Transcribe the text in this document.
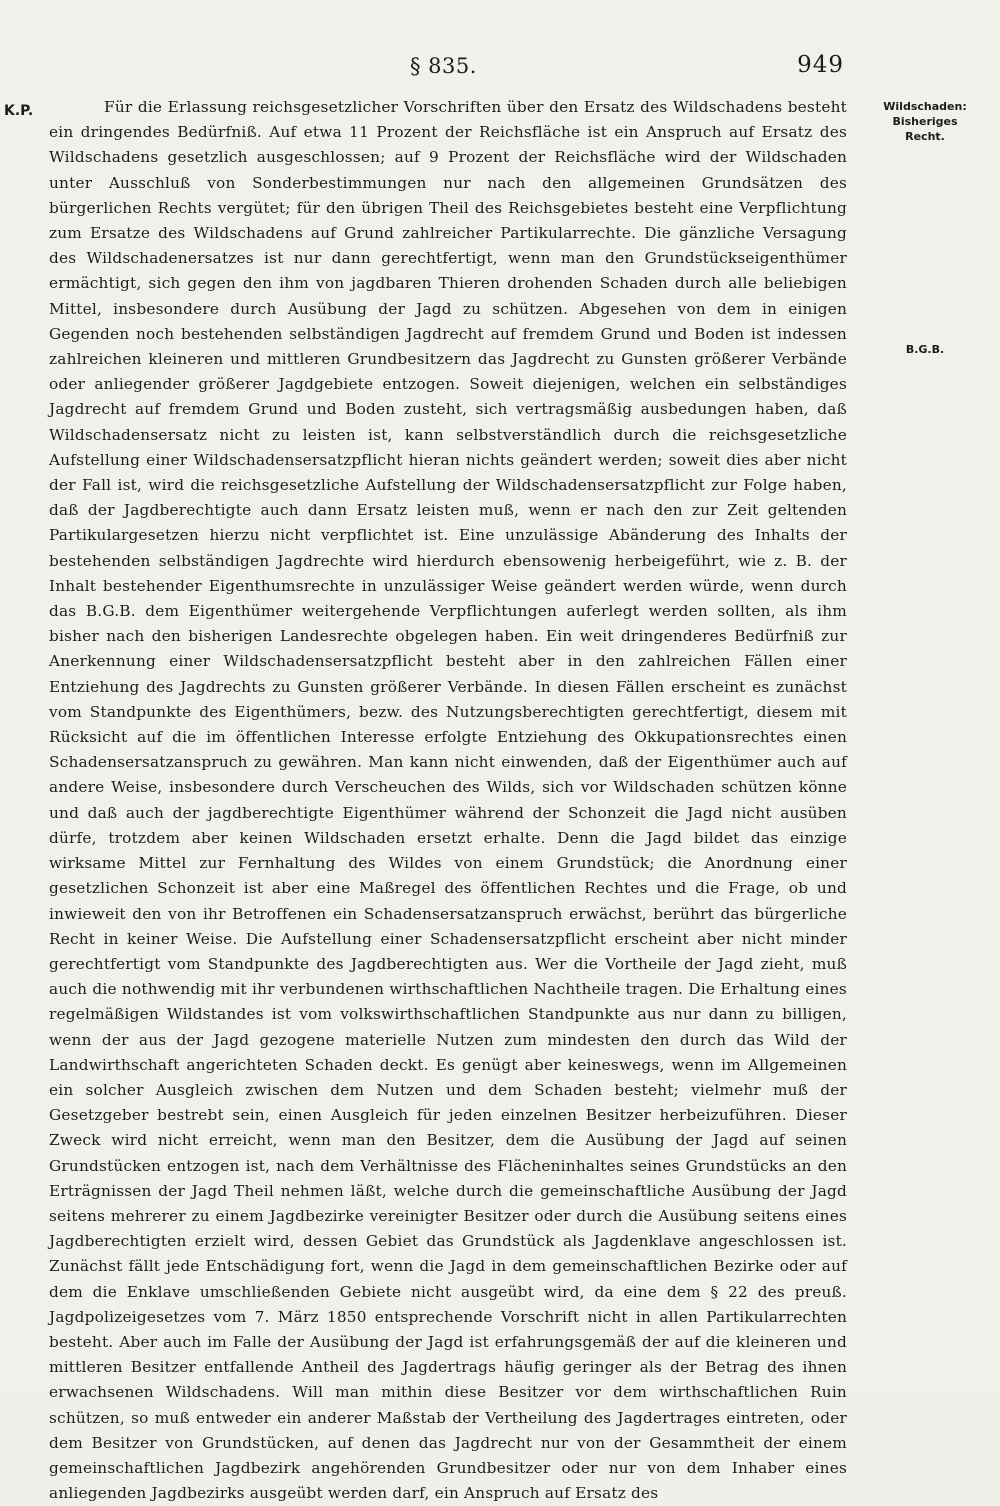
§ 835.	949
K.P.	Für die Erlassung reichsgesetzlicher Vorschriften über den Ersatz des Wildschadens besteht ein dringendes Bedürfniß. Auf etwa 11 Prozent der Reichsfläche ist ein Anspruch auf Ersatz des Wildschadens gesetzlich ausgeschlossen; auf 9 Prozent der Reichsfläche wird der Wildschaden unter Ausschluß von Sonderbestimmungen nur nach den allgemeinen Grundsätzen des bürgerlichen Rechts vergütet; für den übrigen Theil des Reichsgebietes besteht eine Verpflichtung zum Ersatze des Wildschadens auf Grund zahlreicher Partikularrechte. Die gänzliche Versagung des Wildschadenersatzes ist nur dann gerechtfertigt, wenn man den Grundstückseigenthümer ermächtigt, sich gegen den ihm von jagdbaren Thieren drohenden Schaden durch alle beliebigen Mittel, insbesondere durch Ausübung der Jagd zu schützen. Abgesehen von dem in einigen Gegenden noch bestehenden selbständigen Jagdrecht auf fremdem Grund und Boden ist indessen zahlreichen kleineren und mittleren Grundbesitzern das Jagdrecht zu Gunsten größerer Verbände oder anliegender größerer Jagdgebiete entzogen. Soweit diejenigen, welchen ein selbständiges Jagdrecht auf fremdem Grund und Boden zusteht, sich vertragsmäßig ausbedungen haben, daß Wildschadensersatz nicht zu leisten ist, kann selbstverständlich durch die reichsgesetzliche Aufstellung einer Wildschadensersatzpflicht hieran nichts geändert werden; soweit dies aber nicht der Fall ist, wird die reichsgesetzliche Aufstellung der Wildschadensersatzpflicht zur Folge haben, daß der Jagdberechtigte auch dann Ersatz leisten muß, wenn er nach den zur Zeit geltenden Partikulargesetzen hierzu nicht verpflichtet ist. Eine unzulässige Abänderung des Inhalts der bestehenden selbständigen Jagdrechte wird hierdurch ebensowenig herbeigeführt, wie z. B. der Inhalt bestehender Eigenthumsrechte in unzulässiger Weise geändert werden würde, wenn durch das B.G.B. dem Eigenthümer weitergehende Verpflichtungen auferlegt werden sollten, als ihm bisher nach den bisherigen Landesrechte obgelegen haben. Ein weit dringenderes Bedürfniß zur Anerkennung einer Wildschadensersatzpflicht besteht aber in den zahlreichen Fällen einer Entziehung des Jagdrechts zu Gunsten größerer Verbände. In diesen Fällen erscheint es zunächst vom Standpunkte des Eigenthümers, bezw. des Nutzungsberechtigten gerechtfertigt, diesem mit Rücksicht auf die im öffentlichen Interesse erfolgte Entziehung des Okkupationsrechtes einen Schadensersatzanspruch zu gewähren. Man kann nicht einwenden, daß der Eigenthümer auch auf andere Weise, insbesondere durch Verscheuchen des Wilds, sich vor Wildschaden schützen könne und daß auch der jagdberechtigte Eigenthümer während der Schonzeit die Jagd nicht ausüben dürfe, trotzdem aber keinen Wildschaden ersetzt erhalte. Denn die Jagd bildet das einzige wirksame Mittel zur Fernhaltung des Wildes von einem Grundstück; die Anordnung einer gesetzlichen Schonzeit ist aber eine Maßregel des öffentlichen Rechtes und die Frage, ob und inwieweit den von ihr Betroffenen ein Schadensersatzanspruch erwächst, berührt das bürgerliche Recht in keiner Weise. Die Aufstellung einer Schadensersatzpflicht erscheint aber nicht minder gerechtfertigt vom Standpunkte des Jagdberechtigten aus. Wer die Vortheile der Jagd zieht, muß auch die nothwendig mit ihr verbundenen wirthschaftlichen Nachtheile tragen. Die Erhaltung eines regelmäßigen Wildstandes ist vom volkswirthschaftlichen Standpunkte aus nur dann zu billigen, wenn der aus der Jagd gezogene materielle Nutzen zum mindesten den durch das Wild der Landwirthschaft angerichteten Schaden deckt. Es genügt aber keineswegs, wenn im Allgemeinen ein solcher Ausgleich zwischen dem Nutzen und dem Schaden besteht; vielmehr muß der Gesetzgeber bestrebt sein, einen Ausgleich für jeden einzelnen Besitzer herbeizuführen. Dieser Zweck wird nicht erreicht, wenn man den Besitzer, dem die Ausübung der Jagd auf seinen Grundstücken entzogen ist, nach dem Verhältnisse des Flächeninhaltes seines Grundstücks an den Erträgnissen der Jagd Theil nehmen läßt, welche durch die gemeinschaftliche Ausübung der Jagd seitens mehrerer zu einem Jagdbezirke vereinigter Besitzer oder durch die Ausübung seitens eines Jagdberechtigten erzielt wird, dessen Gebiet das Grundstück als Jagdenklave angeschlossen ist. Zunächst fällt jede Entschädigung fort, wenn die Jagd in dem gemeinschaftlichen Bezirke oder auf dem die Enklave umschließenden Gebiete nicht ausgeübt wird, da eine dem § 22 des preuß. Jagdpolizeigesetzes vom 7. März 1850 entsprechende Vorschrift nicht in allen Partikularrechten besteht. Aber auch im Falle der Ausübung der Jagd ist erfahrungsgemäß der auf die kleineren und mittleren Besitzer entfallende Antheil des Jagdertrags häufig geringer als der Betrag des ihnen erwachsenen Wildschadens. Will man mithin diese Besitzer vor dem wirthschaftlichen Ruin schützen, so muß entweder ein anderer Maßstab der Vertheilung des Jagdertrages eintreten, oder dem Besitzer von Grundstücken, auf denen das Jagdrecht nur von der Gesammtheit der einem gemeinschaftlichen Jagdbezirk angehörenden Grundbesitzer oder nur von dem Inhaber eines anliegenden Jagdbezirks ausgeübt werden darf, ein Anspruch auf Ersatz des

Wildschaden:
Bisheriges
Recht.
B.G.B.
